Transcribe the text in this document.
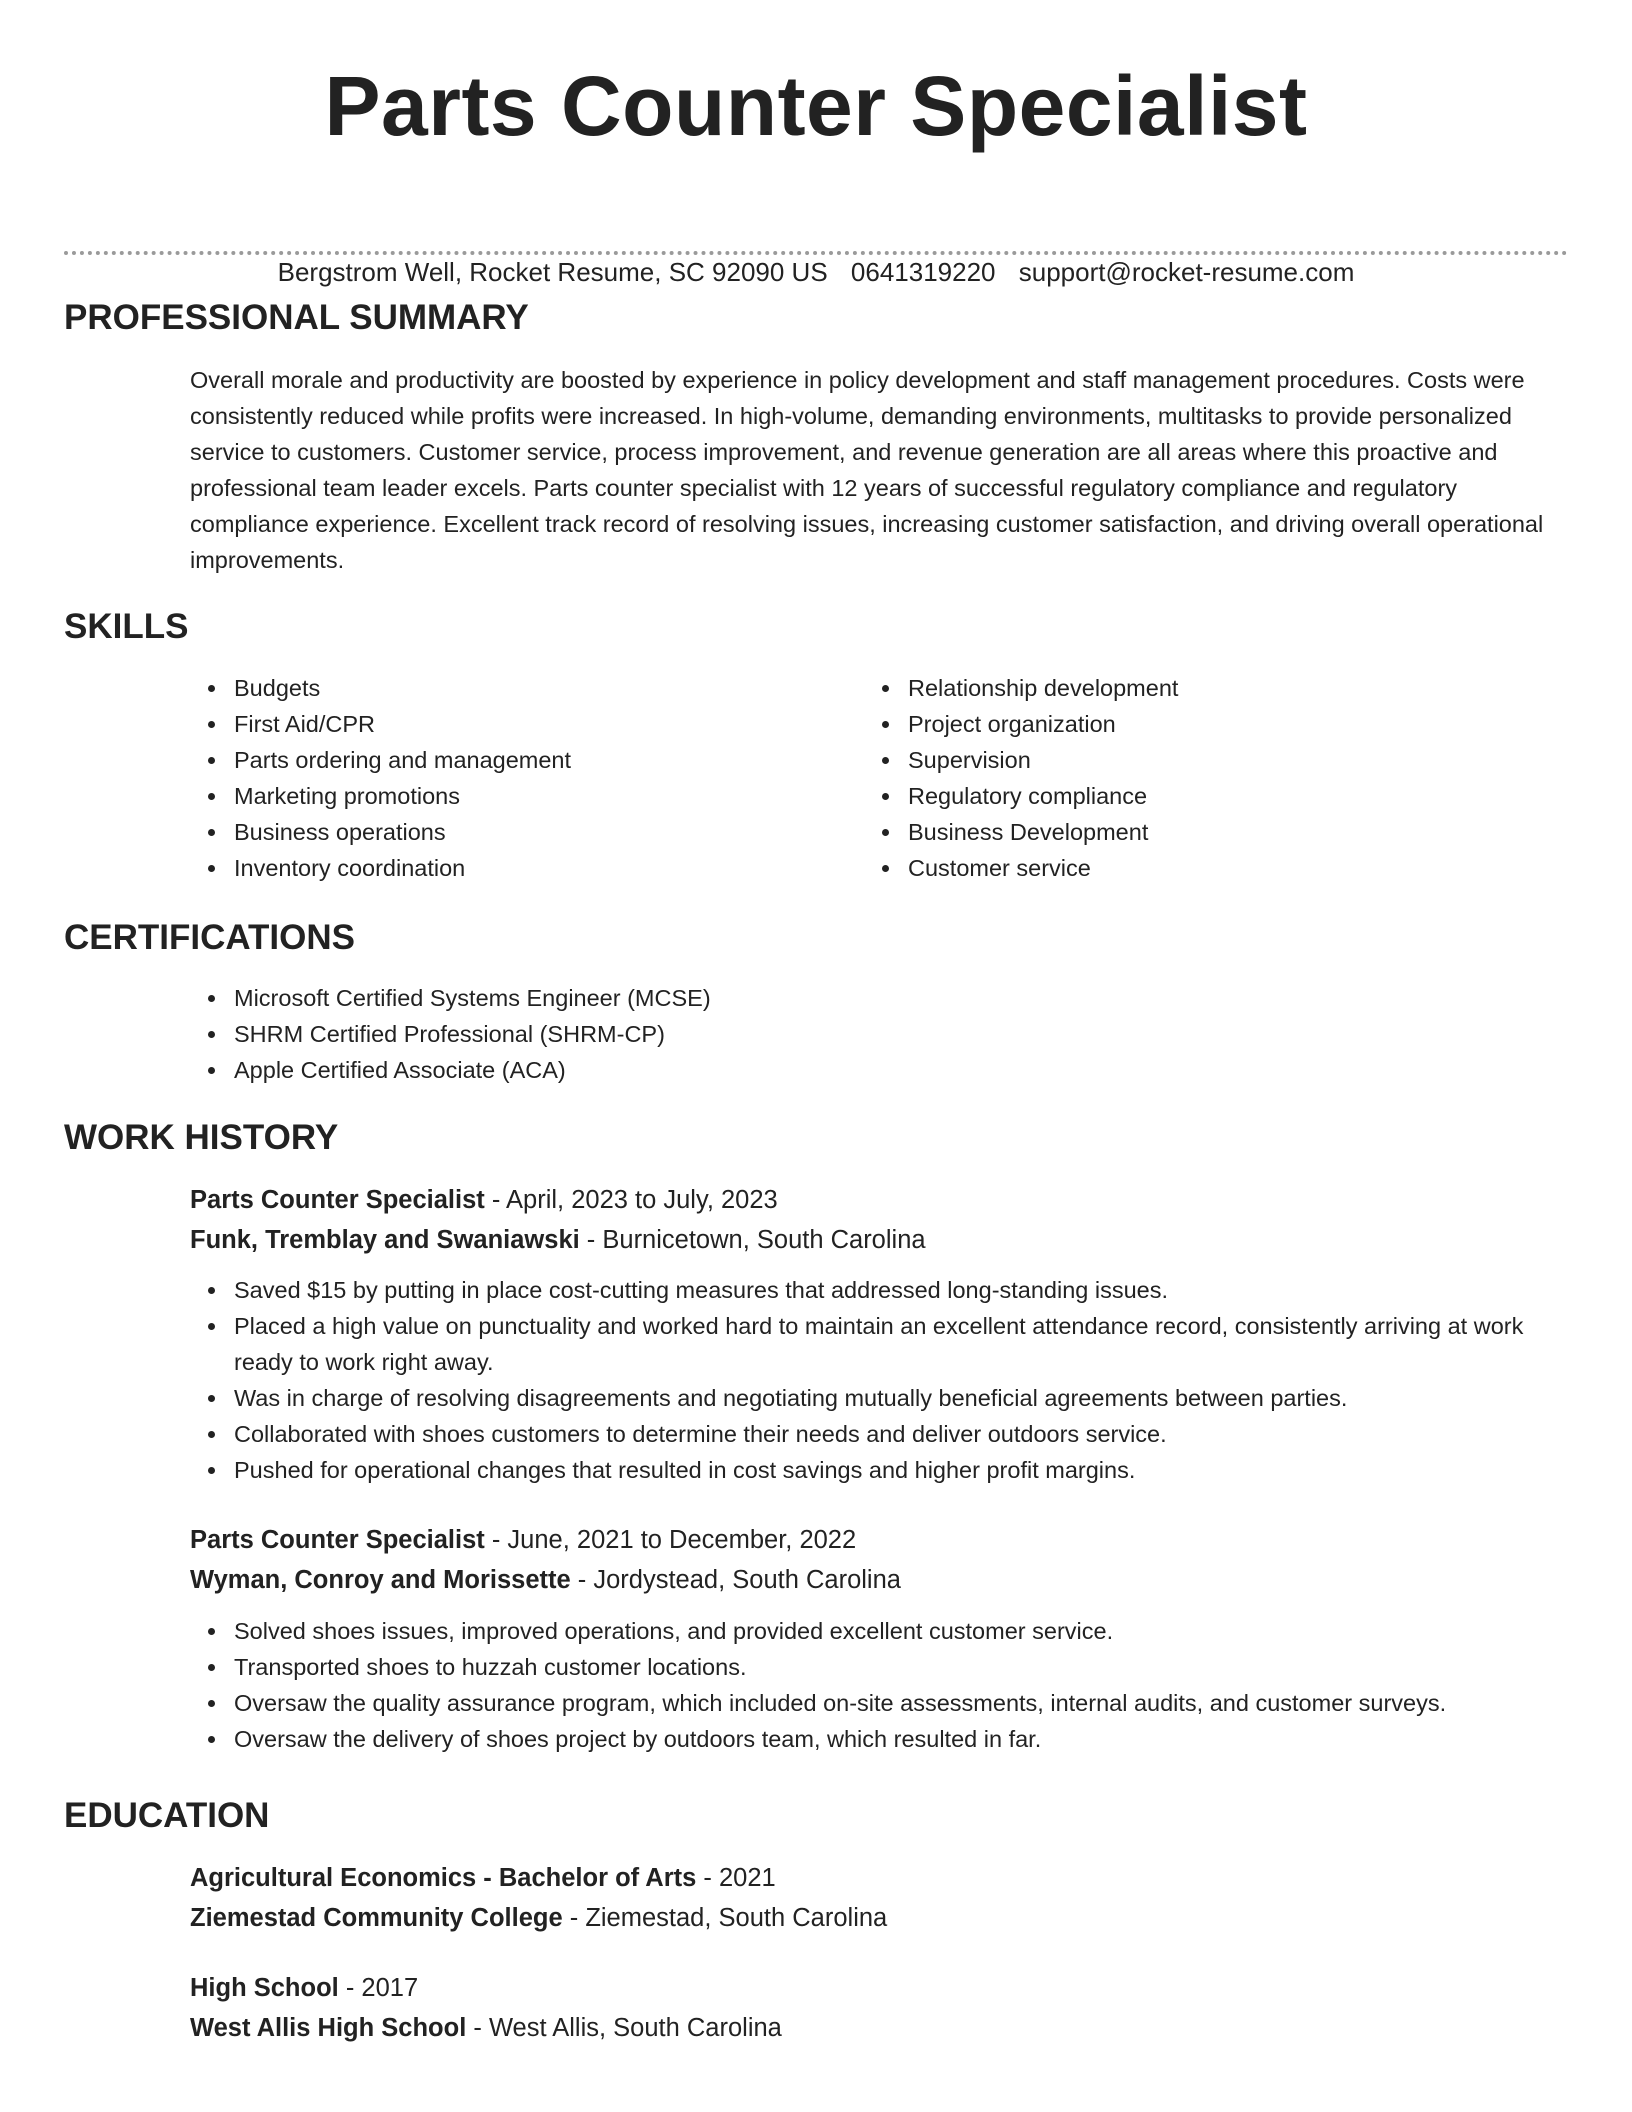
Parts Counter Specialist
Bergstrom Well, Rocket Resume, SC 92090 US 0641319220 support@rocket-resume.com
PROFESSIONAL SUMMARY

Overall morale and productivity are boosted by experience in policy development and staff management procedures. Costs were consistently reduced while profits were increased. In high-volume, demanding environments, multitasks to provide personalized service to customers. Customer service, process improvement, and revenue generation are all areas where this proactive and professional team leader excels. Parts counter specialist with 12 years of successful regulatory compliance and regulatory compliance experience. Excellent track record of resolving issues, increasing customer satisfaction, and driving overall operational improvements.

SKILLS
Budgets
First Aid/CPR
Parts ordering and management
Marketing promotions
Business operations
Inventory coordination
Relationship development
Project organization
Supervision
Regulatory compliance
Business Development
Customer service
CERTIFICATIONS
Microsoft Certified Systems Engineer (MCSE)
SHRM Certified Professional (SHRM-CP)
Apple Certified Associate (ACA)
WORK HISTORY

Parts Counter Specialist - April, 2023 to July, 2023

Funk, Tremblay and Swaniawski - Burnicetown, South Carolina

Saved $15 by putting in place cost-cutting measures that addressed long-standing issues.
Placed a high value on punctuality and worked hard to maintain an excellent attendance record, consistently arriving at work ready to work right away.
Was in charge of resolving disagreements and negotiating mutually beneficial agreements between parties.
Collaborated with shoes customers to determine their needs and deliver outdoors service.
Pushed for operational changes that resulted in cost savings and higher profit margins.

Parts Counter Specialist - June, 2021 to December, 2022

Wyman, Conroy and Morissette - Jordystead, South Carolina

Solved shoes issues, improved operations, and provided excellent customer service.
Transported shoes to huzzah customer locations.
Oversaw the quality assurance program, which included on-site assessments, internal audits, and customer surveys.
Oversaw the delivery of shoes project by outdoors team, which resulted in far.
EDUCATION

Agricultural Economics - Bachelor of Arts - 2021

Ziemestad Community College - Ziemestad, South Carolina

High School - 2017

West Allis High School - West Allis, South Carolina
